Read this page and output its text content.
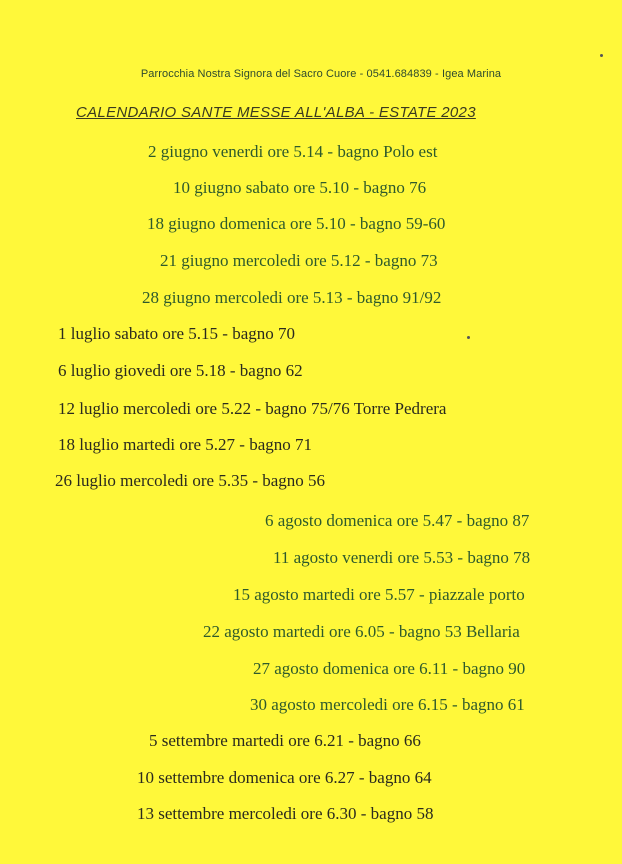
Parrocchia Nostra Signora del Sacro Cuore - 0541.684839 - Igea Marina
CALENDARIO SANTE MESSE ALL'ALBA - ESTATE 2023
2 giugno venerdi ore 5.14 - bagno Polo est
10 giugno sabato ore 5.10 - bagno 76
18 giugno domenica ore 5.10 - bagno 59-60
21 giugno mercoledi ore 5.12 - bagno 73
28 giugno mercoledi ore 5.13 - bagno 91/92
1 luglio sabato ore 5.15 - bagno 70
6 luglio giovedi ore 5.18 - bagno 62
12 luglio mercoledi ore 5.22 - bagno 75/76 Torre Pedrera
18 luglio martedi ore 5.27 - bagno 71
26 luglio mercoledi ore 5.35 - bagno 56
6 agosto domenica ore 5.47 - bagno 87
11 agosto venerdi ore 5.53 - bagno 78
15 agosto martedi ore 5.57 - piazzale porto
22 agosto martedi ore 6.05 - bagno 53 Bellaria
27 agosto domenica ore 6.11 - bagno 90
30 agosto mercoledi ore 6.15 - bagno 61
5 settembre martedi ore 6.21 - bagno 66
10 settembre domenica ore 6.27 - bagno 64
13 settembre mercoledi ore 6.30 - bagno 58
